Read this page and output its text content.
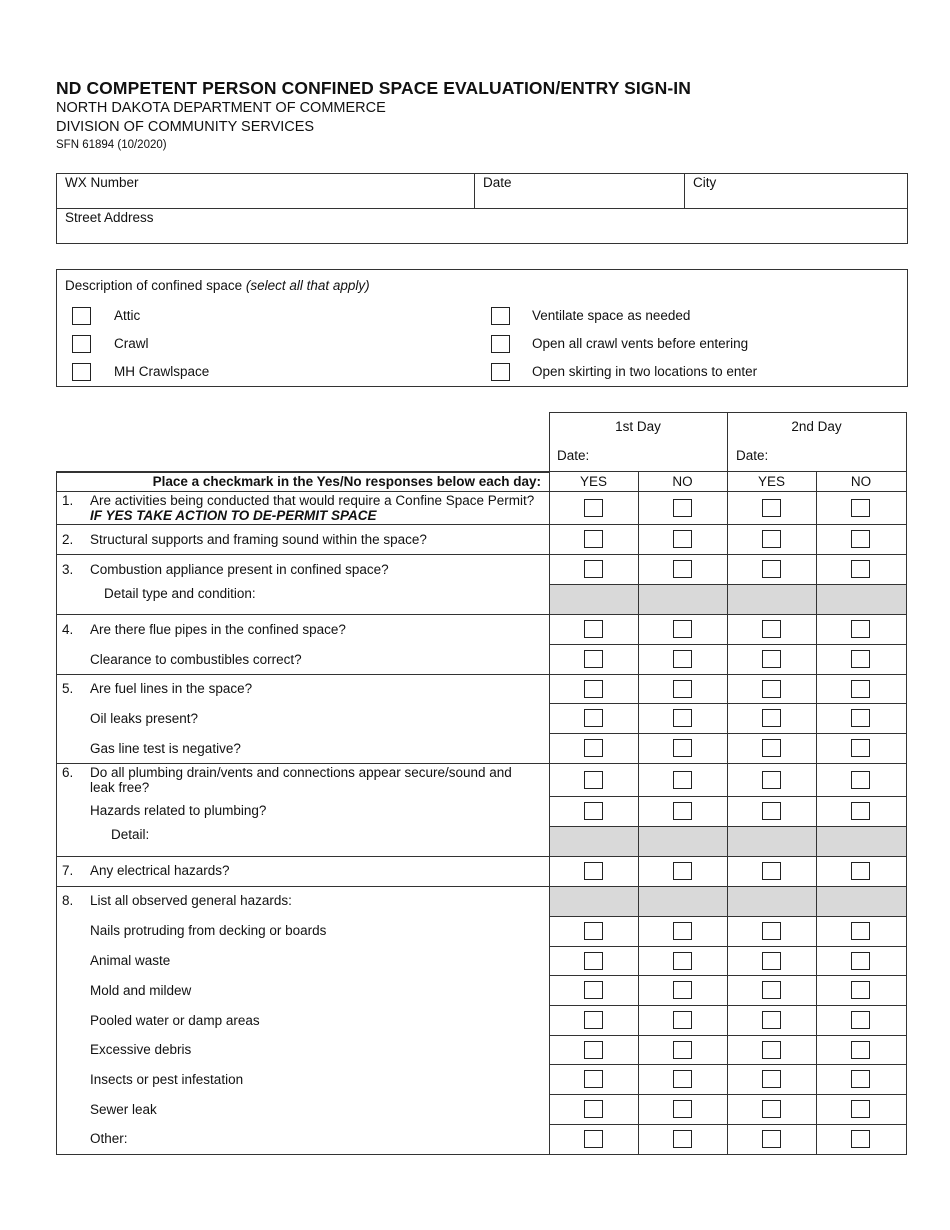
ND COMPETENT PERSON CONFINED SPACE EVALUATION/ENTRY SIGN-IN
NORTH DAKOTA DEPARTMENT OF COMMERCE
DIVISION OF COMMUNITY SERVICES
SFN 61894 (10/2020)
WX Number	Date	City
Street Address
Description of confined space (select all that apply)
Attic
Crawl
MH Crawlspace
Ventilate space as needed
Open all crawl vents before entering
Open skirting in two locations to enter
1st Day	2nd Day
Date:	Date:
Place a checkmark in the Yes/No responses below each day:	YES	NO	YES	NO
1. Are activities being conducted that would require a Confine Space Permit?  IF YES TAKE ACTION TO DE-PERMIT SPACE
2. Structural supports and framing sound within the space?
3. Combustion appliance present in confined space?
Detail type and condition:
4. Are there flue pipes in the confined space?
Clearance to combustibles correct?
5. Are fuel lines in the space?
Oil leaks present?
Gas line test is negative?
6. Do all plumbing drain/vents and connections appear secure/sound and leak free?
Hazards related to plumbing?
Detail:
7. Any electrical hazards?
8. List all observed general hazards:
Nails protruding from decking or boards
Animal waste
Mold and mildew
Pooled water or damp areas
Excessive debris
Insects or pest infestation
Sewer leak
Other:
